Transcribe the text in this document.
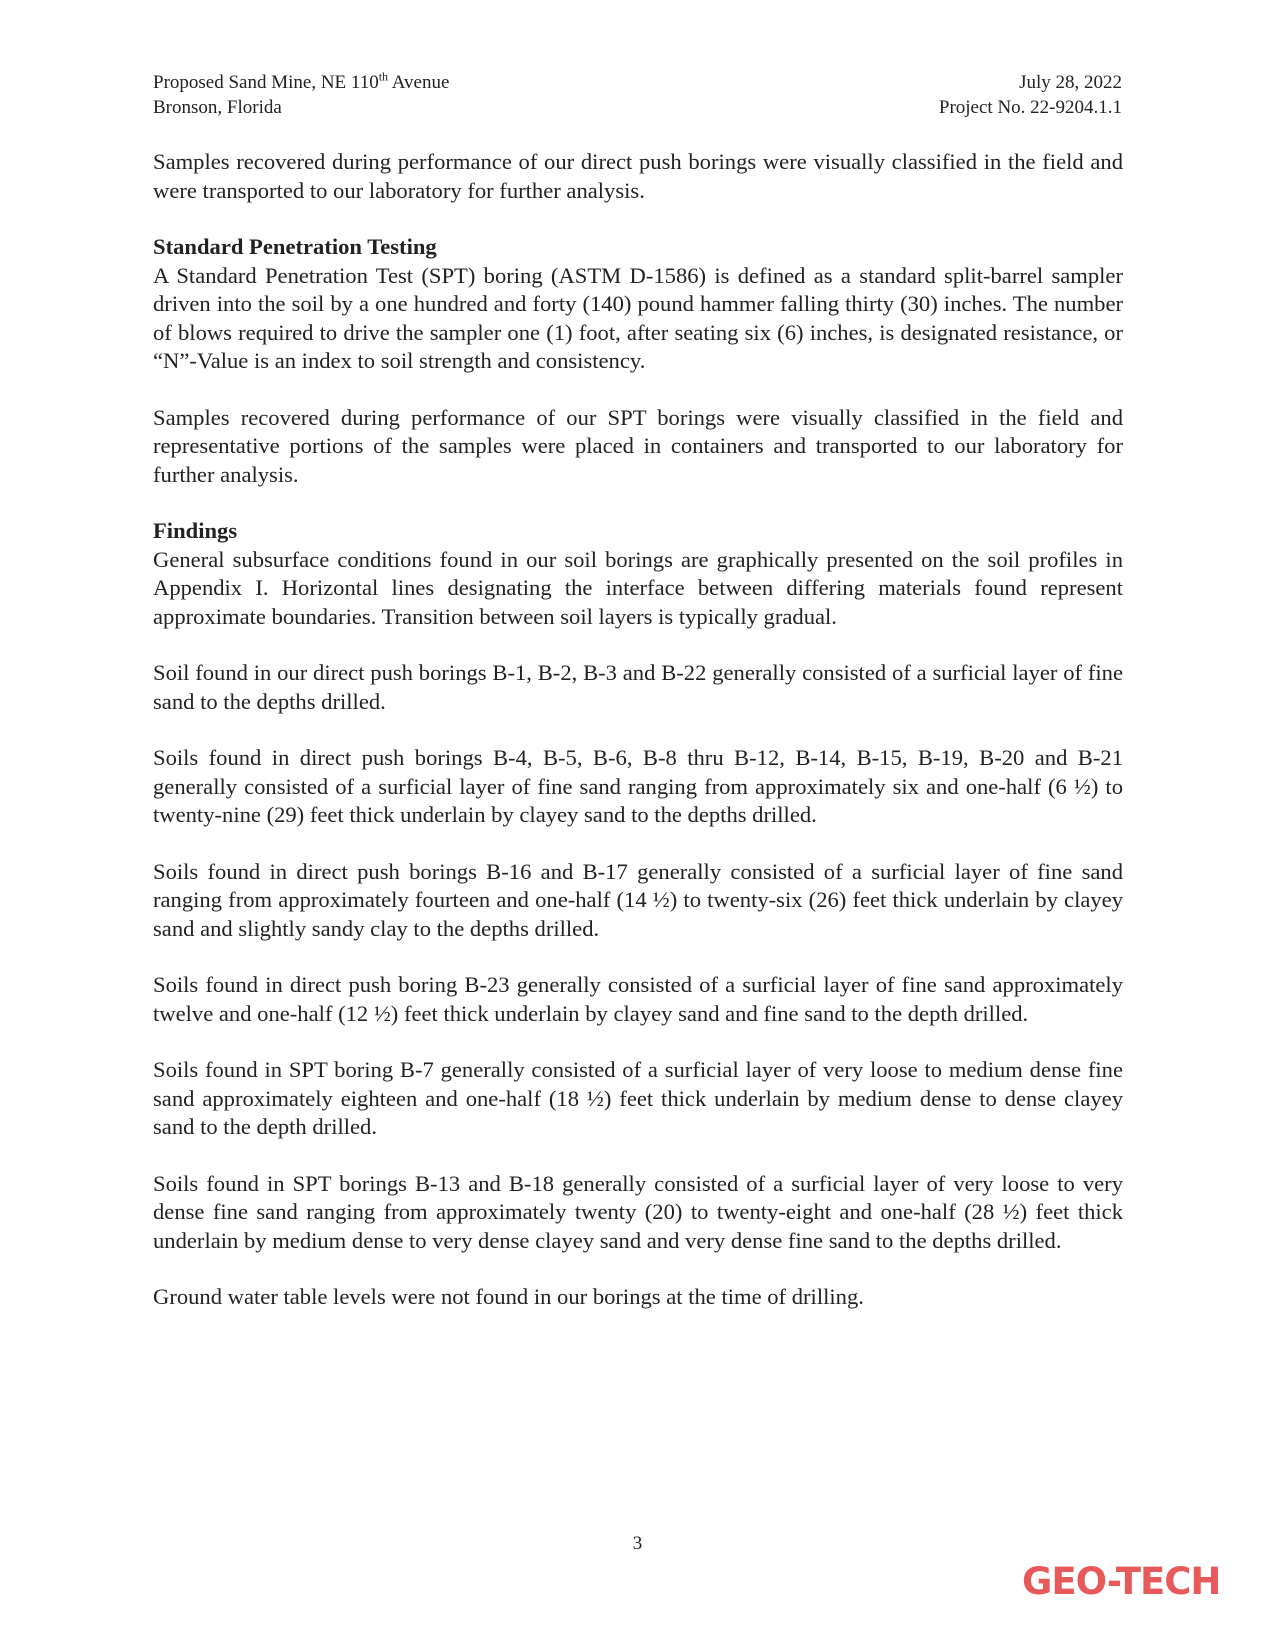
Proposed Sand Mine, NE 110th Avenue
Bronson, Florida
July 28, 2022
Project No. 22-9204.1.1

Samples recovered during performance of our direct push borings were visually classified in the field and were transported to our laboratory for further analysis.

Standard Penetration Testing

A Standard Penetration Test (SPT) boring (ASTM D-1586) is defined as a standard split-barrel sampler driven into the soil by a one hundred and forty (140) pound hammer falling thirty (30) inches. The number of blows required to drive the sampler one (1) foot, after seating six (6) inches, is designated resistance, or “N”-Value is an index to soil strength and consistency.

Samples recovered during performance of our SPT borings were visually classified in the field and representative portions of the samples were placed in containers and transported to our laboratory for further analysis.

Findings

General subsurface conditions found in our soil borings are graphically presented on the soil profiles in Appendix I. Horizontal lines designating the interface between differing materials found represent approximate boundaries. Transition between soil layers is typically gradual.

Soil found in our direct push borings B-1, B-2, B-3 and B-22 generally consisted of a surficial layer of fine sand to the depths drilled.

Soils found in direct push borings B-4, B-5, B-6, B-8 thru B-12, B-14, B-15, B-19, B-20 and B-21 generally consisted of a surficial layer of fine sand ranging from approximately six and one-half (6 ½) to twenty-nine (29) feet thick underlain by clayey sand to the depths drilled.

Soils found in direct push borings B-16 and B-17 generally consisted of a surficial layer of fine sand ranging from approximately fourteen and one-half (14 ½) to twenty-six (26) feet thick underlain by clayey sand and slightly sandy clay to the depths drilled.

Soils found in direct push boring B-23 generally consisted of a surficial layer of fine sand approximately twelve and one-half (12 ½) feet thick underlain by clayey sand and fine sand to the depth drilled.

Soils found in SPT boring B-7 generally consisted of a surficial layer of very loose to medium dense fine sand approximately eighteen and one-half (18 ½) feet thick underlain by medium dense to dense clayey sand to the depth drilled.

Soils found in SPT borings B-13 and B-18 generally consisted of a surficial layer of very loose to very dense fine sand ranging from approximately twenty (20) to twenty-eight and one-half (28 ½) feet thick underlain by medium dense to very dense clayey sand and very dense fine sand to the depths drilled.

Ground water table levels were not found in our borings at the time of drilling.

3
GEO-TECH
